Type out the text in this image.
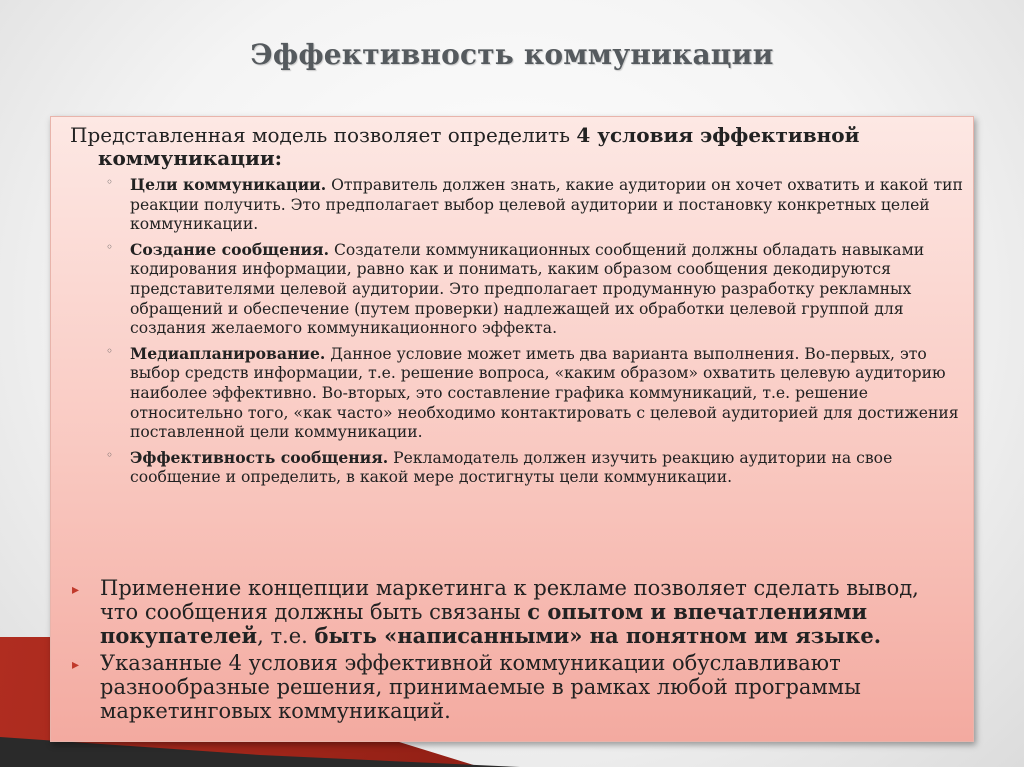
Эффективность коммуникации
Представленная модель позволяет определить 4 условия эффективной
коммуникации:
◦ Цели коммуникации. Отправитель должен знать, какие аудитории он хочет охватить и какой тип реакции получить. Это предполагает выбор целевой аудитории и постановку конкретных целей коммуникации.
◦ Создание сообщения. Создатели коммуникационных сообщений должны обладать навыками кодирования информации, равно как и понимать, каким образом сообщения декодируются представителями целевой аудитории. Это предполагает продуманную разработку рекламных обращений и обеспечение (путем проверки) надлежащей их обработки целевой группой для создания желаемого коммуникационного эффекта.
◦ Медиапланирование. Данное условие может иметь два варианта выполнения. Во-первых, это выбор средств информации, т.е. решение вопроса, «каким образом» охватить целевую аудиторию наиболее эффективно. Во-вторых, это составление графика коммуникаций, т.е. решение относительно того, «как часто» необходимо контактировать с целевой аудиторией для достижения поставленной цели коммуникации.
◦ Эффективность сообщения. Рекламодатель должен изучить реакцию аудитории на свое сообщение и определить, в какой мере достигнуты цели коммуникации.
▸ Применение концепции маркетинга к рекламе позволяет сделать вывод, что сообщения должны быть связаны с опытом и впечатлениями покупателей, т.е. быть «написанными» на понятном им языке.
▸ Указанные 4 условия эффективной коммуникации обуславливают разнообразные решения, принимаемые в рамках любой программы маркетинговых коммуникаций.
